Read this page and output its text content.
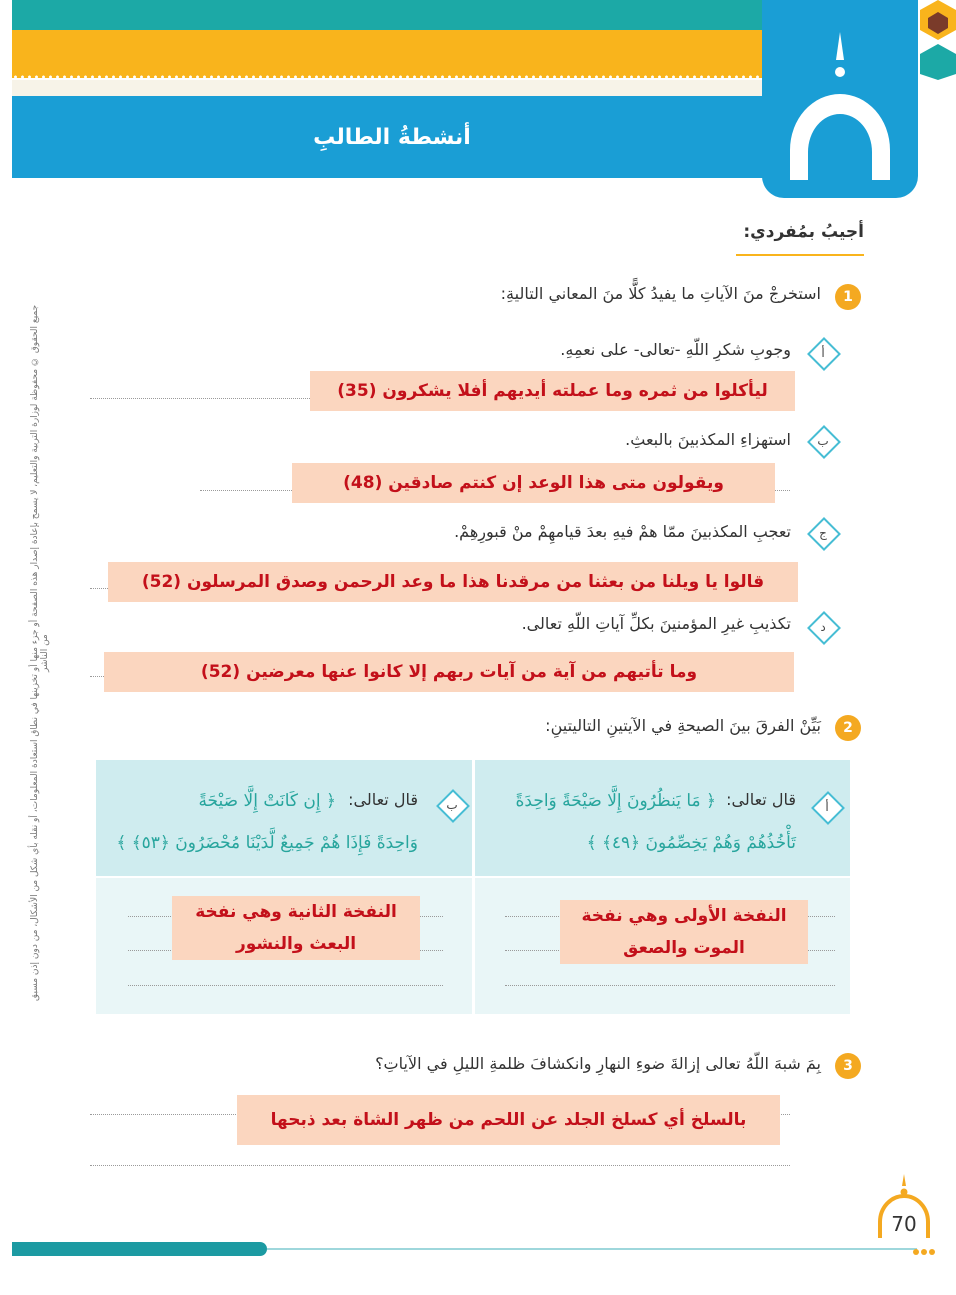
أنشطةُ الطالبِ
جميع الحقوق © محفوظة لوزارة التربية والتعليم، لا يسمح بإعادة إصدار هذه الصفحة أو جزء منها أو تخزينها في نطاق استعادة المعلومات، أو نقله بأي شكل من الأشكال، من دون إذن مسبق من الناشر
أجيبُ بمُفردي:
1
استخرجْ منَ الآياتِ ما يفيدُ كلًّا منَ المعاني التاليةِ:
أ
وجوبِ شكرِ اللّهِ -تعالى- على نعمِهِ.
ليأكلوا من ثمره وما عملته أيديهم أفلا يشكرون (35)
ب
استهزاءِ المكذبينَ بالبعثِ.
ويقولون متى هذا الوعد إن كنتم صادقين (48)
ج
تعجبِ المكذبينَ ممّا همْ فيهِ بعدَ قيامهِمْ منْ قبورِهِمْ.
قالوا يا ويلنا من بعثنا من مرقدنا هذا ما وعد الرحمن وصدق المرسلون (52)
د
تكذيبِ غيرِ المؤمنينَ بكلِّ آياتِ اللّهِ تعالى.
وما تأتيهم من آية من آيات ربهم إلا كانوا عنها معرضين (52)
2
بَيِّنْ الفرقَ بينَ الصيحةِ في الآيتينِ التاليتينِ:
أ
قال تعالى:
﴿ مَا يَنظُرُونَ إِلَّا صَيْحَةً وَاحِدَةً
تَأْخُذُهُمْ وَهُمْ يَخِصِّمُونَ ﴿٤٩﴾ ﴾
النفخة الأولى وهي نفخة الموت والصعق
ب
قال تعالى:
﴿ إِن كَانَتْ إِلَّا صَيْحَةً
وَاحِدَةً فَإِذَا هُمْ جَمِيعٌ لَّدَيْنَا مُحْضَرُونَ ﴿٥٣﴾ ﴾
النفخة الثانية وهي نفخة البعث والنشور
3
بِمَ شبهَ اللّهُ تعالى إزالةَ ضوءِ النهارِ وانكشافَ ظلمةِ الليلِ في الآياتِ؟
بالسلخ أي كسلخ الجلد عن اللحم من ظهر الشاة بعد ذبحها
70
